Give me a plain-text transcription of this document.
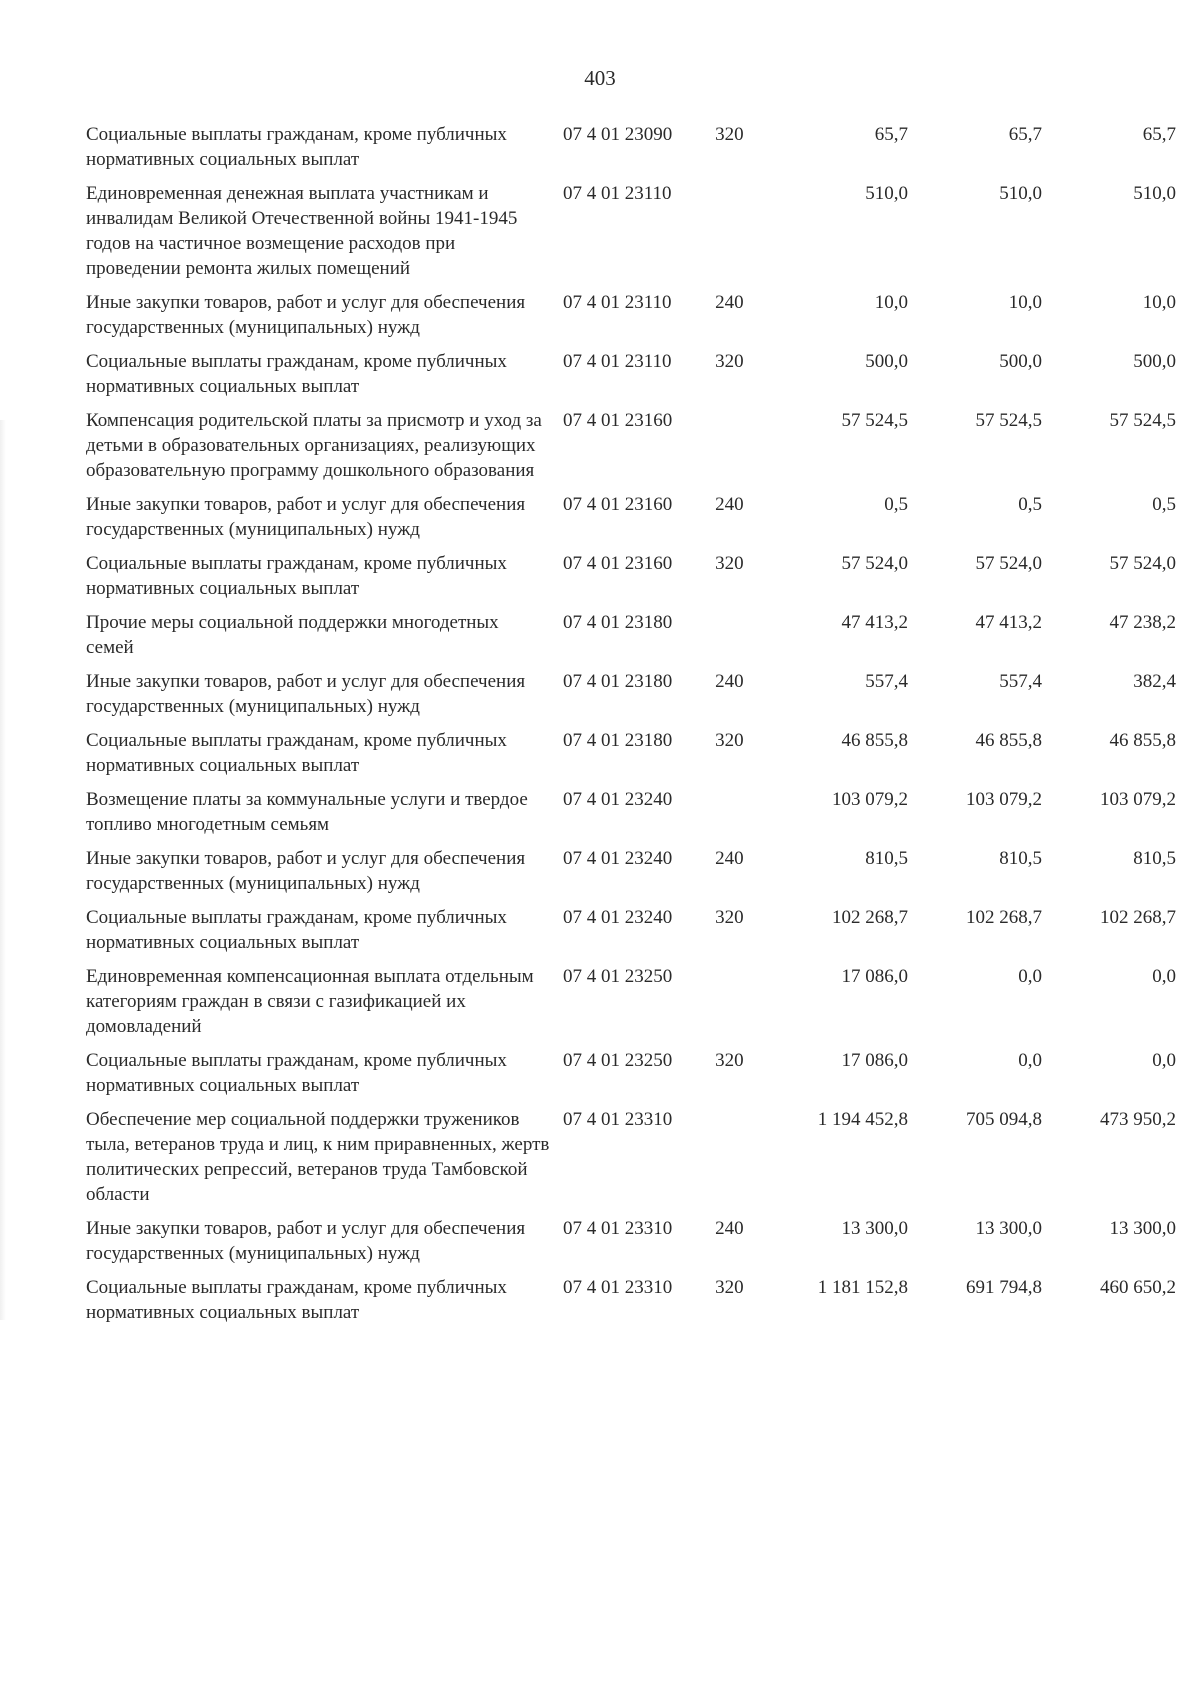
403
Социальные выплаты гражданам, кроме публичных нормативных социальных выплат	07 4 01 23090	320	65,7	65,7	65,7
Единовременная денежная выплата участникам и инвалидам Великой Отечественной войны 1941-1945 годов на частичное возмещение расходов при проведении ремонта жилых помещений	07 4 01 23110		510,0	510,0	510,0
Иные закупки товаров, работ и услуг для обеспечения государственных (муниципальных) нужд	07 4 01 23110	240	10,0	10,0	10,0
Социальные выплаты гражданам, кроме публичных нормативных социальных выплат	07 4 01 23110	320	500,0	500,0	500,0
Компенсация родительской платы за присмотр и уход за детьми в образовательных организациях, реализующих образовательную программу дошкольного образования	07 4 01 23160		57 524,5	57 524,5	57 524,5
Иные закупки товаров, работ и услуг для обеспечения государственных (муниципальных) нужд	07 4 01 23160	240	0,5	0,5	0,5
Социальные выплаты гражданам, кроме публичных нормативных социальных выплат	07 4 01 23160	320	57 524,0	57 524,0	57 524,0
Прочие меры социальной поддержки многодетных семей	07 4 01 23180		47 413,2	47 413,2	47 238,2
Иные закупки товаров, работ и услуг для обеспечения государственных (муниципальных) нужд	07 4 01 23180	240	557,4	557,4	382,4
Социальные выплаты гражданам, кроме публичных нормативных социальных выплат	07 4 01 23180	320	46 855,8	46 855,8	46 855,8
Возмещение платы за коммунальные услуги и твердое топливо многодетным семьям	07 4 01 23240		103 079,2	103 079,2	103 079,2
Иные закупки товаров, работ и услуг для обеспечения государственных (муниципальных) нужд	07 4 01 23240	240	810,5	810,5	810,5
Социальные выплаты гражданам, кроме публичных нормативных социальных выплат	07 4 01 23240	320	102 268,7	102 268,7	102 268,7
Единовременная компенсационная выплата отдельным категориям граждан в связи с газификацией их домовладений	07 4 01 23250		17 086,0	0,0	0,0
Социальные выплаты гражданам, кроме публичных нормативных социальных выплат	07 4 01 23250	320	17 086,0	0,0	0,0
Обеспечение мер социальной поддержки тружеников тыла, ветеранов труда и лиц, к ним приравненных, жертв политических репрессий, ветеранов труда Тамбовской области	07 4 01 23310		1 194 452,8	705 094,8	473 950,2
Иные закупки товаров, работ и услуг для обеспечения государственных (муниципальных) нужд	07 4 01 23310	240	13 300,0	13 300,0	13 300,0
Социальные выплаты гражданам, кроме публичных нормативных социальных выплат	07 4 01 23310	320	1 181 152,8	691 794,8	460 650,2
